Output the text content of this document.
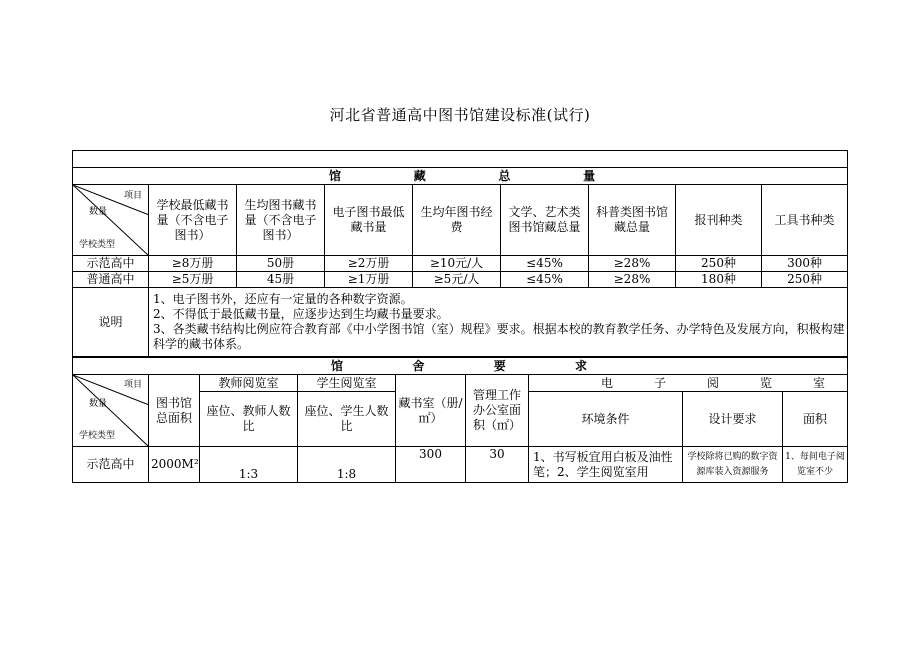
河北省普通高中图书馆建设标准(试行)

馆 藏 总 量								

项目
数量
学校类型	学校最低藏书量（不含电子图书）	生均图书藏书量（不含电子图书）	电子图书最低藏书量	生均年图书经费	文学、艺术类图书馆藏总量	科普类图书馆藏总量	报刊种类	工具书种类
示范高中	≥8万册	50册	≥2万册	≥10元/人	≤45%	≥28%	250种	300种
普通高中	≥5万册	45册	≥1万册	≥5元/人	≤45%	≥28%	180种	250种
说明	1、电子图书外，还应有一定量的各种数字资源。
2、不得低于最低藏书量，应逐步达到生均藏书量要求。
3、各类藏书结构比例应符合教育部《中小学图书馆（室）规程》要求。根据本校的教育教学任务、办学特色及发展方向，积极构建科学的藏书体系。							
馆 舍 要 求								

项目
数量
学校类型	图书馆总面积	教师阅览室	学生阅览室	藏书室（册/㎡）	管理工作办公室面积（㎡）	电 子 阅 览 室		

		座位、教师人数比	座位、学生人数比			环境条件	设计要求	面积
示范高中	2000M²	1:3	1:8	300	30	1、书写板宜用白板及油性笔；2、学生阅览室用	学校除将已购的数字资源库装入资源服务	1、每间电子阅览室不少
